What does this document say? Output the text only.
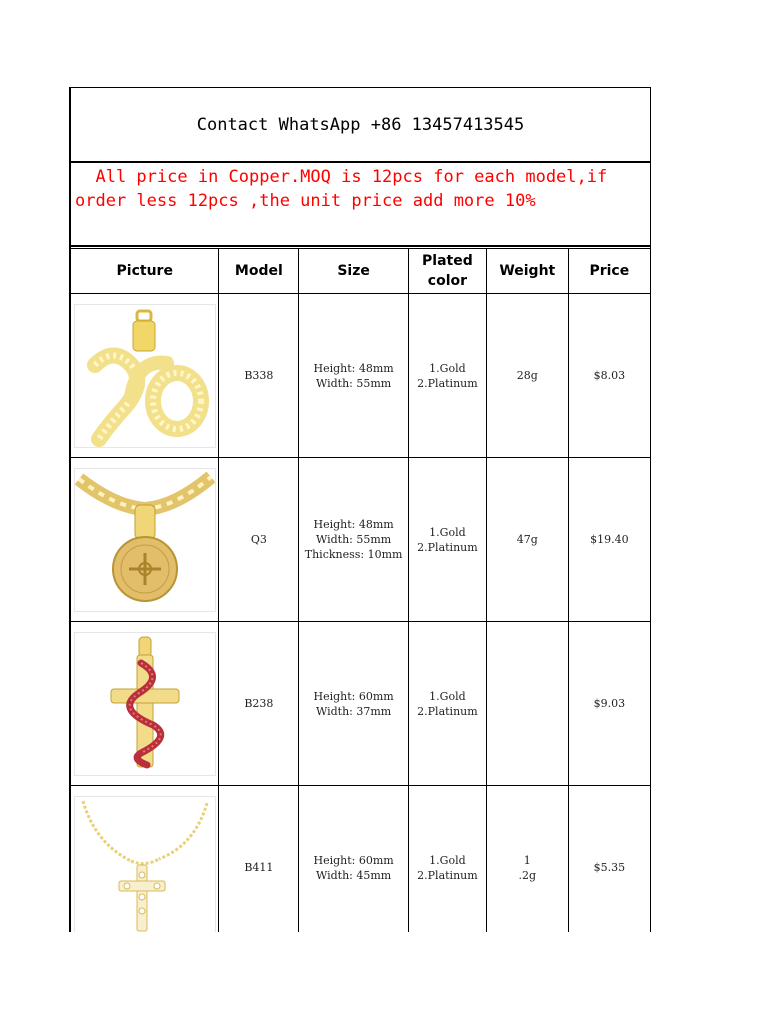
Contact WhatsApp +86 13457413545
All price in Copper.MOQ is 12pcs for each model,if
order less 12pcs ,the unit price add more 10%
Picture	Model	Size	Plated
color	Weight	Price

	B338	Height: 48mm
Width: 55mm	1.Gold
2.Platinum	28g	$8.03

	Q3	Height: 48mm
Width: 55mm
Thickness: 10mm	1.Gold
2.Platinum	47g	$19.40

	B238	Height: 60mm
Width: 37mm	1.Gold
2.Platinum		$9.03

	B411	Height: 60mm
Width: 45mm	1.Gold
2.Platinum	1
.2g	$5.35
